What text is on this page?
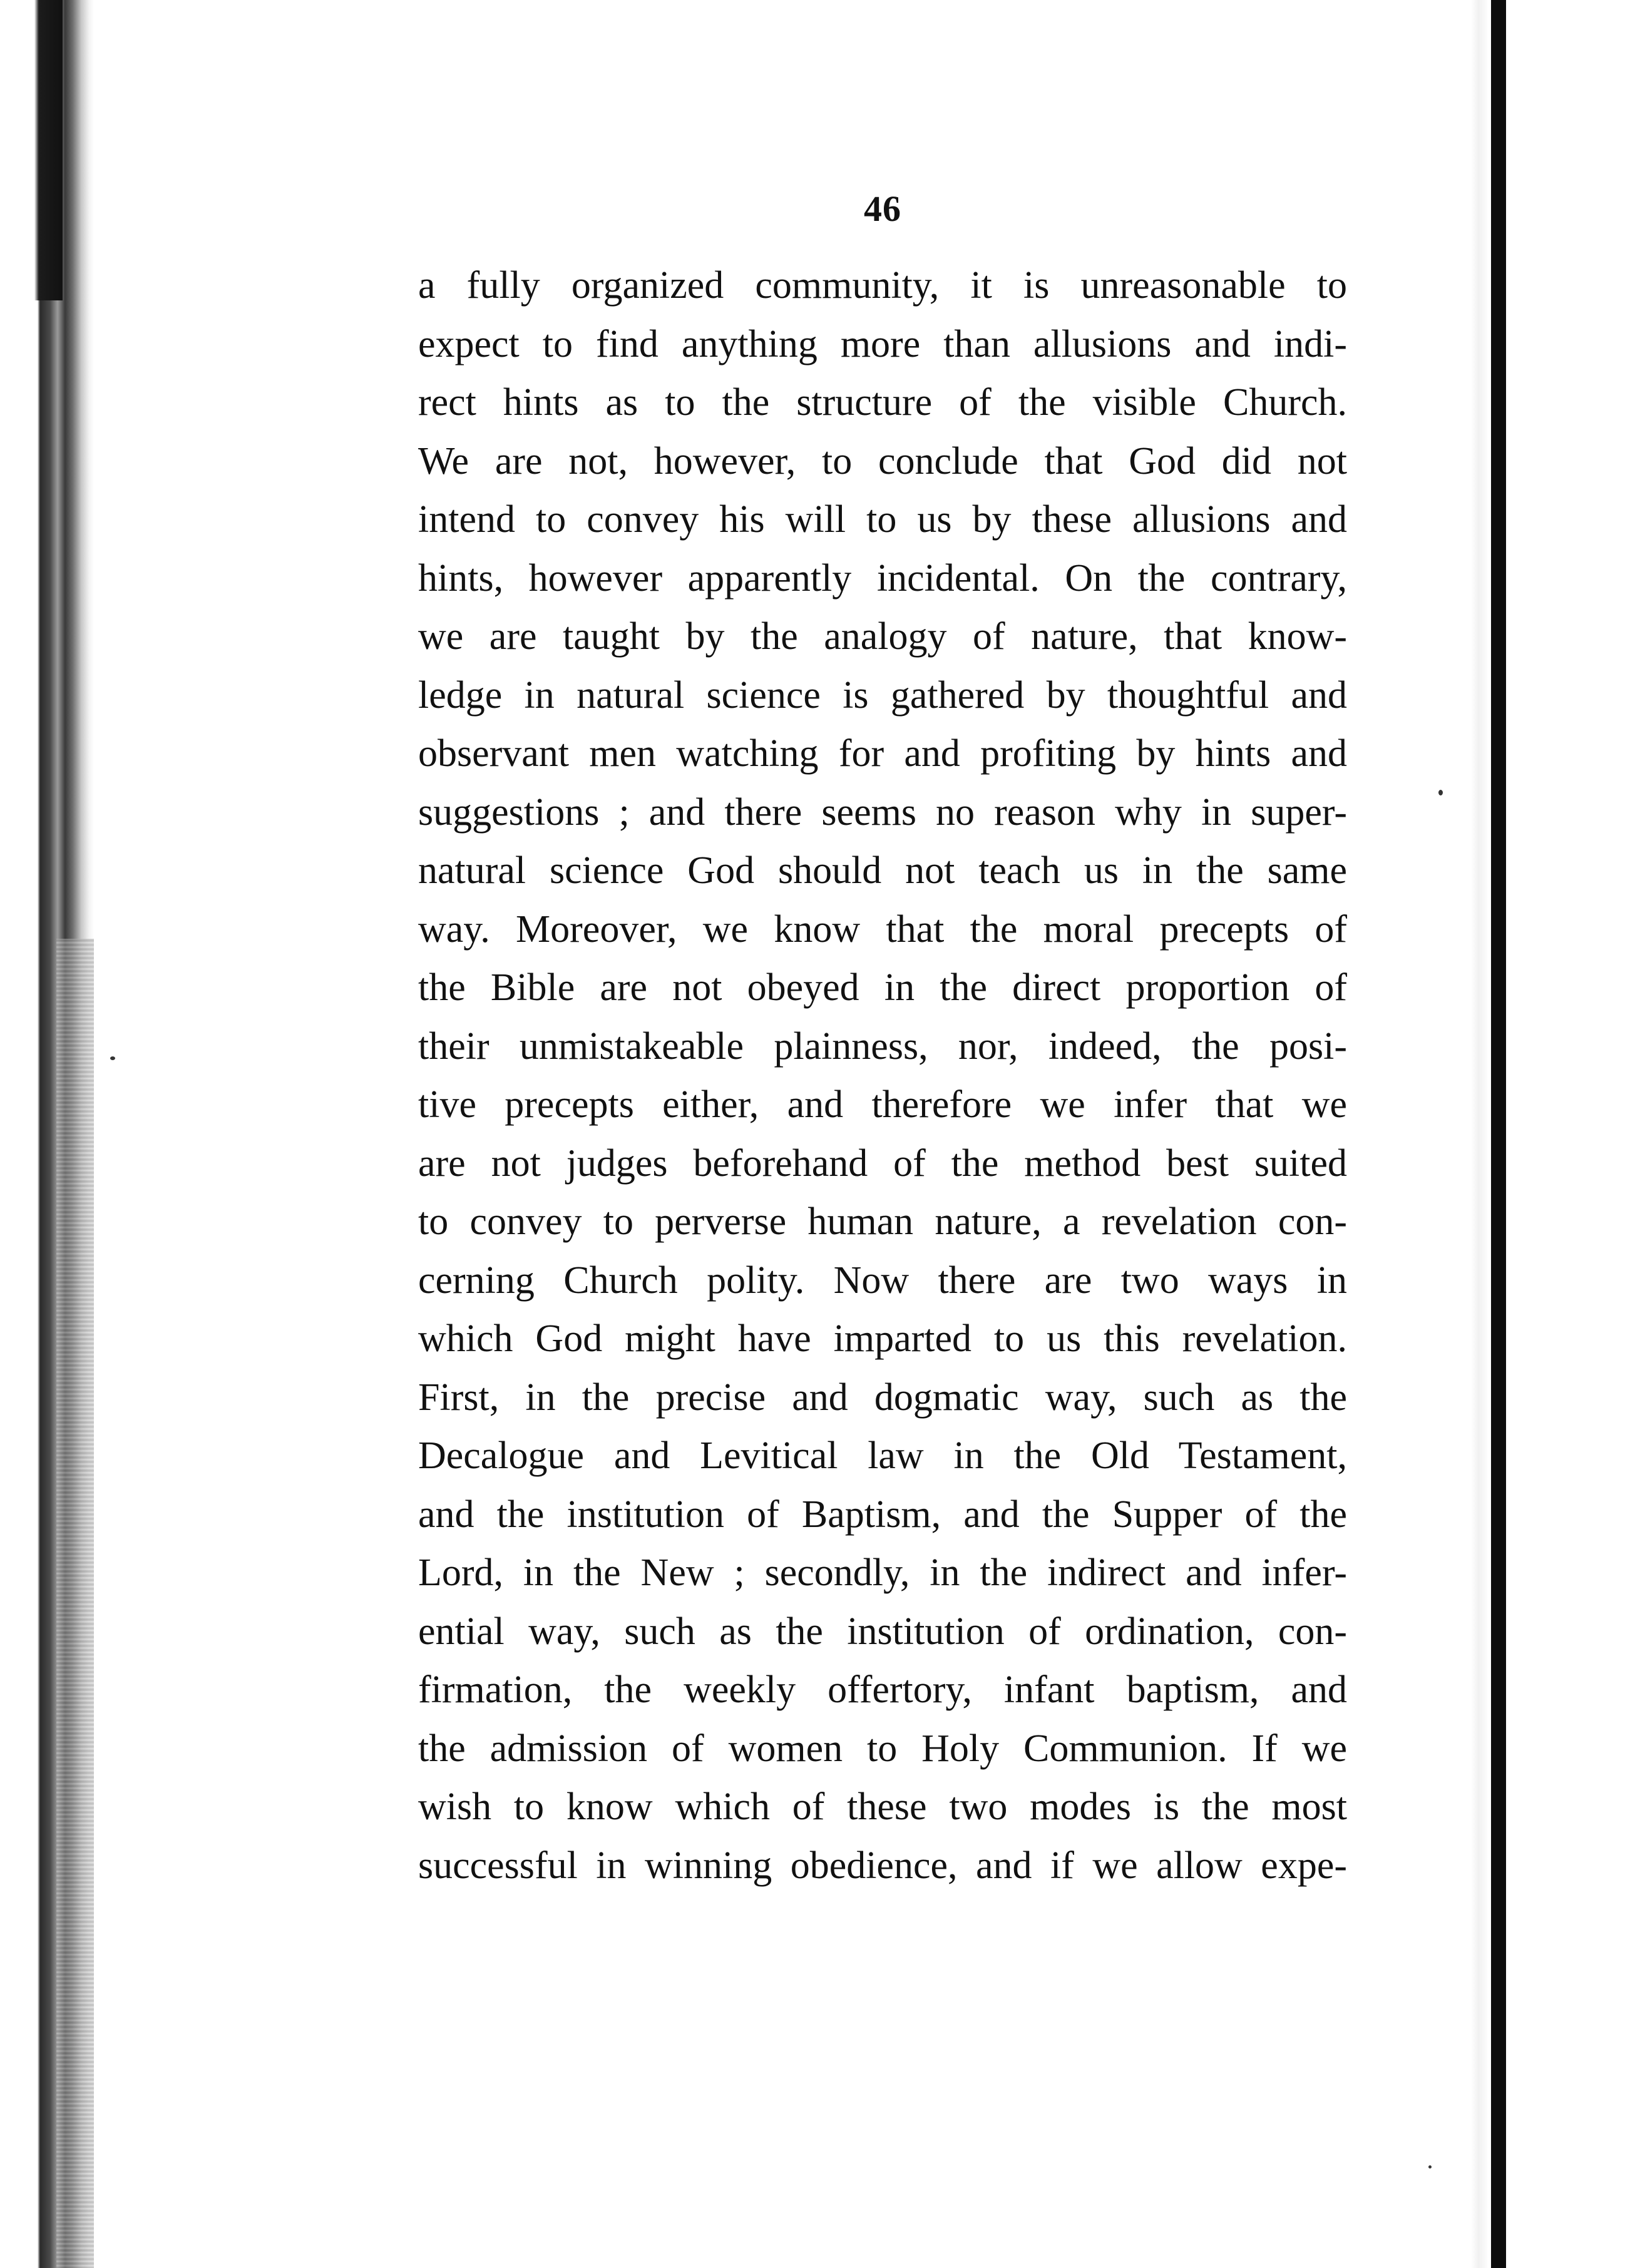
46
a fully organized community, it is unreasonable to
expect to find anything more than allusions and indi-
rect hints as to the structure of the visible Church.
We are not, however, to conclude that God did not
intend to convey his will to us by these allusions and
hints, however apparently incidental. On the contrary,
we are taught by the analogy of nature, that know-
ledge in natural science is gathered by thoughtful and
observant men watching for and profiting by hints and
suggestions ; and there seems no reason why in super-
natural science God should not teach us in the same
way. Moreover, we know that the moral precepts of
the Bible are not obeyed in the direct proportion of
their unmistakeable plainness, nor, indeed, the posi-
tive precepts either, and therefore we infer that we
are not judges beforehand of the method best suited
to convey to perverse human nature, a revelation con-
cerning Church polity. Now there are two ways in
which God might have imparted to us this revelation.
First, in the precise and dogmatic way, such as the
Decalogue and Levitical law in the Old Testament,
and the institution of Baptism, and the Supper of the
Lord, in the New ; secondly, in the indirect and infer-
ential way, such as the institution of ordination, con-
firmation, the weekly offertory, infant baptism, and
the admission of women to Holy Communion. If we
wish to know which of these two modes is the most
successful in winning obedience, and if we allow expe-
